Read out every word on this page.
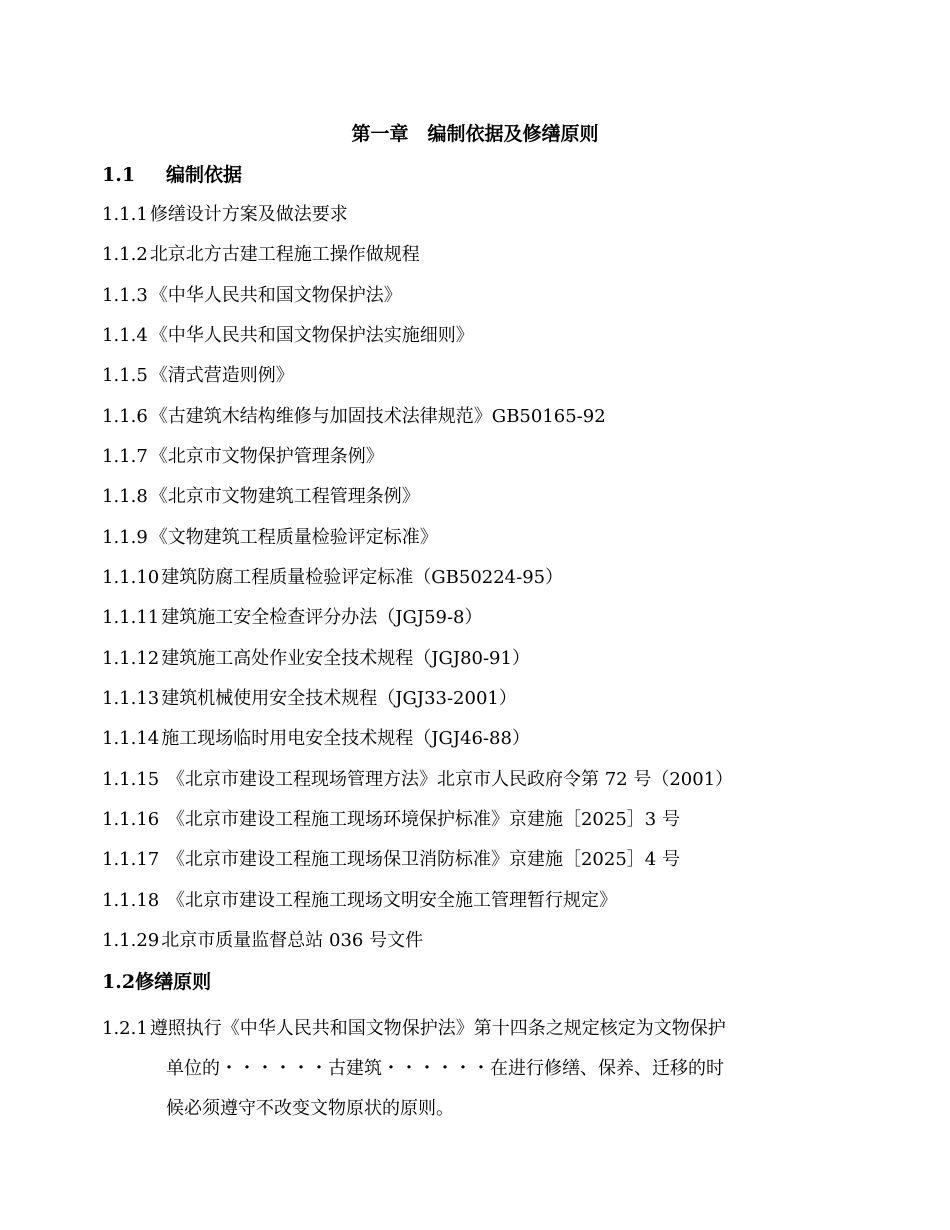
第一章　编制依据及修缮原则
1.1 编制依据
1.1.1 修缮设计方案及做法要求
1.1.2 北京北方古建工程施工操作做规程
1.1.3 《中华人民共和国文物保护法》
1.1.4 《中华人民共和国文物保护法实施细则》
1.1.5 《清式营造则例》
1.1.6 《古建筑木结构维修与加固技术法律规范》GB50165-92
1.1.7 《北京市文物保护管理条例》
1.1.8 《北京市文物建筑工程管理条例》
1.1.9 《文物建筑工程质量检验评定标准》
1.1.10 建筑防腐工程质量检验评定标准（GB50224-95）
1.1.11 建筑施工安全检查评分办法（JGJ59-8）
1.1.12 建筑施工高处作业安全技术规程（JGJ80-91）
1.1.13 建筑机械使用安全技术规程（JGJ33-2001）
1.1.14 施工现场临时用电安全技术规程（JGJ46-88）
1.1.15 《北京市建设工程现场管理方法》北京市人民政府令第 72 号（2001）
1.1.16 《北京市建设工程施工现场环境保护标准》京建施［2025］3 号
1.1.17 《北京市建设工程施工现场保卫消防标准》京建施［2025］4 号
1.1.18 《北京市建设工程施工现场文明安全施工管理暂行规定》
1.1.29 北京市质量监督总站 036 号文件
1.2修缮原则
1.2.1 遵照执行《中华人民共和国文物保护法》第十四条之规定核定为文物保护
单位的・・・・・・古建筑・・・・・・在进行修缮、保养、迁移的时
候必须遵守不改变文物原状的原则。
